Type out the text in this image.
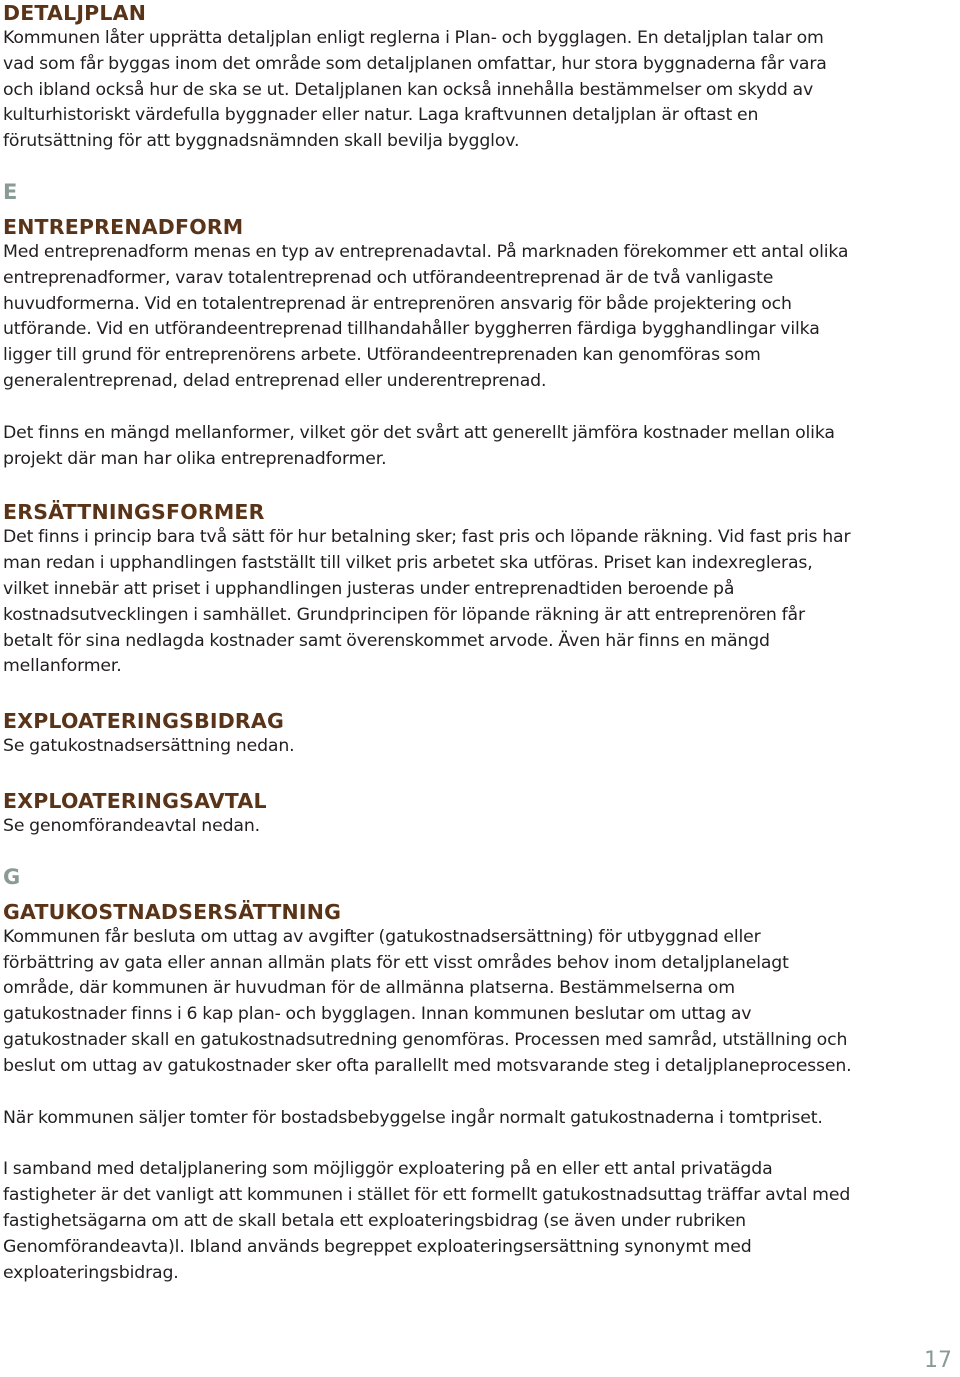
DETALJPLAN

Kommunen låter upprätta detaljplan enligt reglerna i Plan- och bygglagen. En detaljplan talar om vad som får byggas inom det område som detaljplanen omfattar, hur stora byggnaderna får vara och ibland också hur de ska se ut. Detaljplanen kan också innehålla bestämmelser om skydd av kulturhistoriskt värdefulla byggnader eller natur. Laga kraftvunnen detaljplan är oftast en förutsättning för att byggnadsnämnden skall bevilja bygglov.

E
ENTREPRENADFORM

Med entreprenadform menas en typ av entreprenadavtal. På marknaden förekommer ett antal olika entreprenadformer, varav totalentreprenad och utförandeentreprenad är de två vanligaste huvudformerna. Vid en totalentreprenad är entreprenören ansvarig för både projektering och utförande. Vid en utförandeentreprenad tillhandahåller byggherren färdiga bygghandlingar vilka ligger till grund för entreprenörens arbete. Utförandeentreprenaden kan genomföras som generalentreprenad, delad entreprenad eller underentreprenad.

Det finns en mängd mellanformer, vilket gör det svårt att generellt jämföra kostnader mellan olika projekt där man har olika entreprenadformer.

ERSÄTTNINGSFORMER

Det finns i princip bara två sätt för hur betalning sker; fast pris och löpande räkning. Vid fast pris har man redan i upphandlingen fastställt till vilket pris arbetet ska utföras. Priset kan indexregleras, vilket innebär att priset i upphandlingen justeras under entreprenadtiden beroende på kostnadsutvecklingen i samhället. Grundprincipen för löpande räkning är att entreprenören får betalt för sina nedlagda kostnader samt överenskommet arvode. Även här finns en mängd mellanformer.

EXPLOATERINGSBIDRAG

Se gatukostnadsersättning nedan.

EXPLOATERINGSAVTAL

Se genomförandeavtal nedan.

G
GATUKOSTNADSERSÄTTNING

Kommunen får besluta om uttag av avgifter (gatukostnadsersättning) för utbyggnad eller förbättring av gata eller annan allmän plats för ett visst områdes behov inom detaljplanelagt område, där kommunen är huvudman för de allmänna platserna. Bestämmelserna om gatukostnader finns i 6 kap plan- och bygglagen. Innan kommunen beslutar om uttag av gatukostnader skall en gatukostnadsutredning genomföras. Processen med samråd, utställning och beslut om uttag av gatukostnader sker ofta parallellt med motsvarande steg i detaljplaneprocessen.

När kommunen säljer tomter för bostadsbebyggelse ingår normalt gatukostnaderna i tomtpriset.

I samband med detaljplanering som möjliggör exploatering på en eller ett antal privatägda fastigheter är det vanligt att kommunen i stället för ett formellt gatukostnadsuttag träffar avtal med fastighetsägarna om att de skall betala ett exploateringsbidrag (se även under rubriken Genomförandeavta)l. Ibland används begreppet exploateringsersättning synonymt med exploateringsbidrag.

17
